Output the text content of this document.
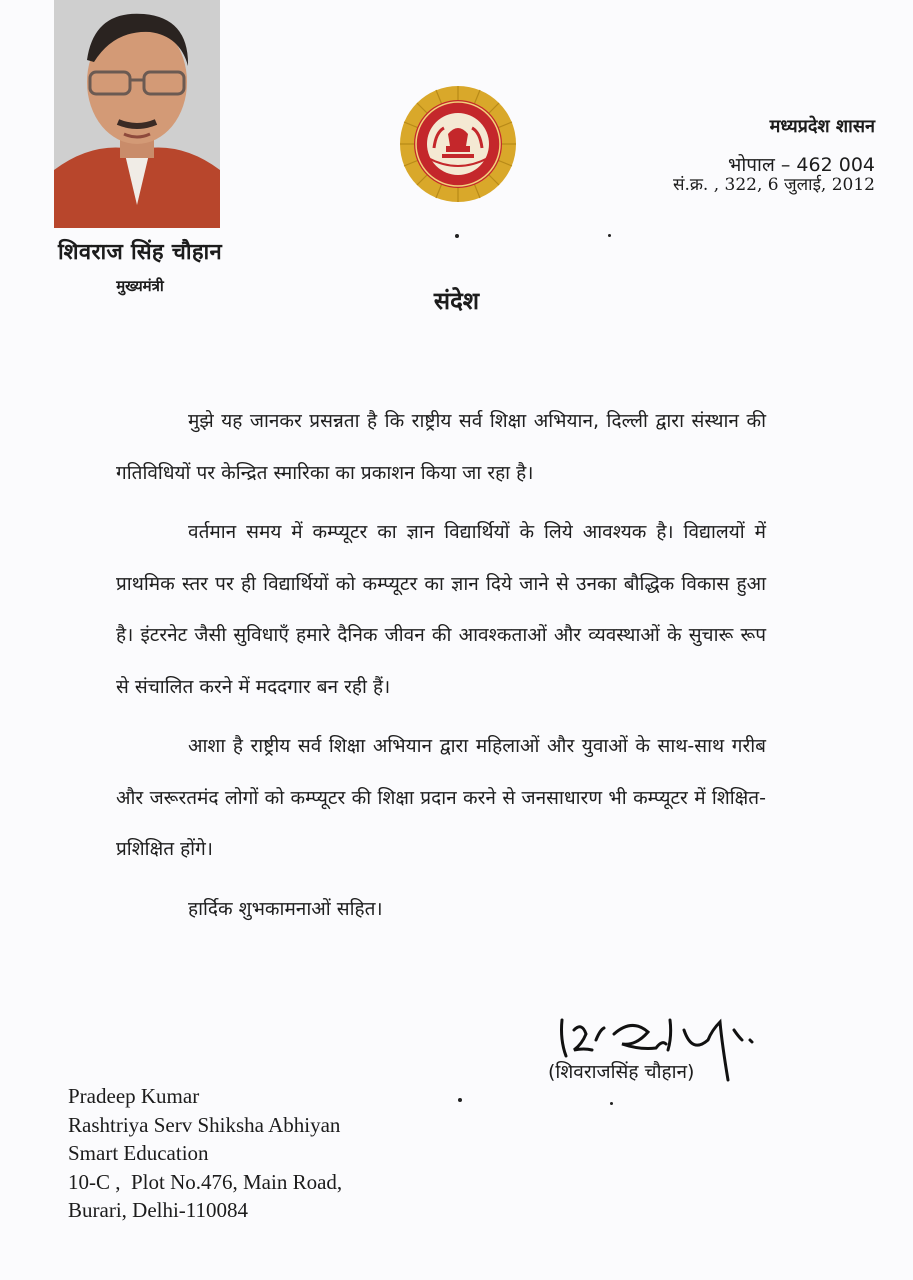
शिवराज सिंह चौहान
मुख्यमंत्री
मध्यप्रदेश शासन
भोपाल – 462 004
सं.क्र. , 322, 6 जुलाई, 2012
संदेश

मुझे यह जानकर प्रसन्नता है कि राष्ट्रीय सर्व शिक्षा अभियान, दिल्ली द्वारा संस्थान की गतिविधियों पर केन्द्रित स्मारिका का प्रकाशन किया जा रहा है।

वर्तमान समय में कम्प्यूटर का ज्ञान विद्यार्थियों के लिये आवश्यक है। विद्यालयों में प्राथमिक स्तर पर ही विद्यार्थियों को कम्प्यूटर का ज्ञान दिये जाने से उनका बौद्धिक विकास हुआ है। इंटरनेट जैसी सुविधाएँ हमारे दैनिक जीवन की आवश्कताओं और व्यवस्थाओं के सुचारू रूप से संचालित करने में मददगार बन रही हैं।

आशा है राष्ट्रीय सर्व शिक्षा अभियान द्वारा महिलाओं और युवाओं के साथ-साथ गरीब और जरूरतमंद लोगों को कम्प्यूटर की शिक्षा प्रदान करने से जनसाधारण भी कम्प्यूटर में शिक्षित-प्रशिक्षित होंगे।

हार्दिक शुभकामनाओं सहित।

(शिवराजसिंह चौहान)
Pradeep Kumar
Rashtriya Serv Shiksha Abhiyan
Smart Education
10-C ,  Plot No.476, Main Road,
Burari, Delhi-110084
